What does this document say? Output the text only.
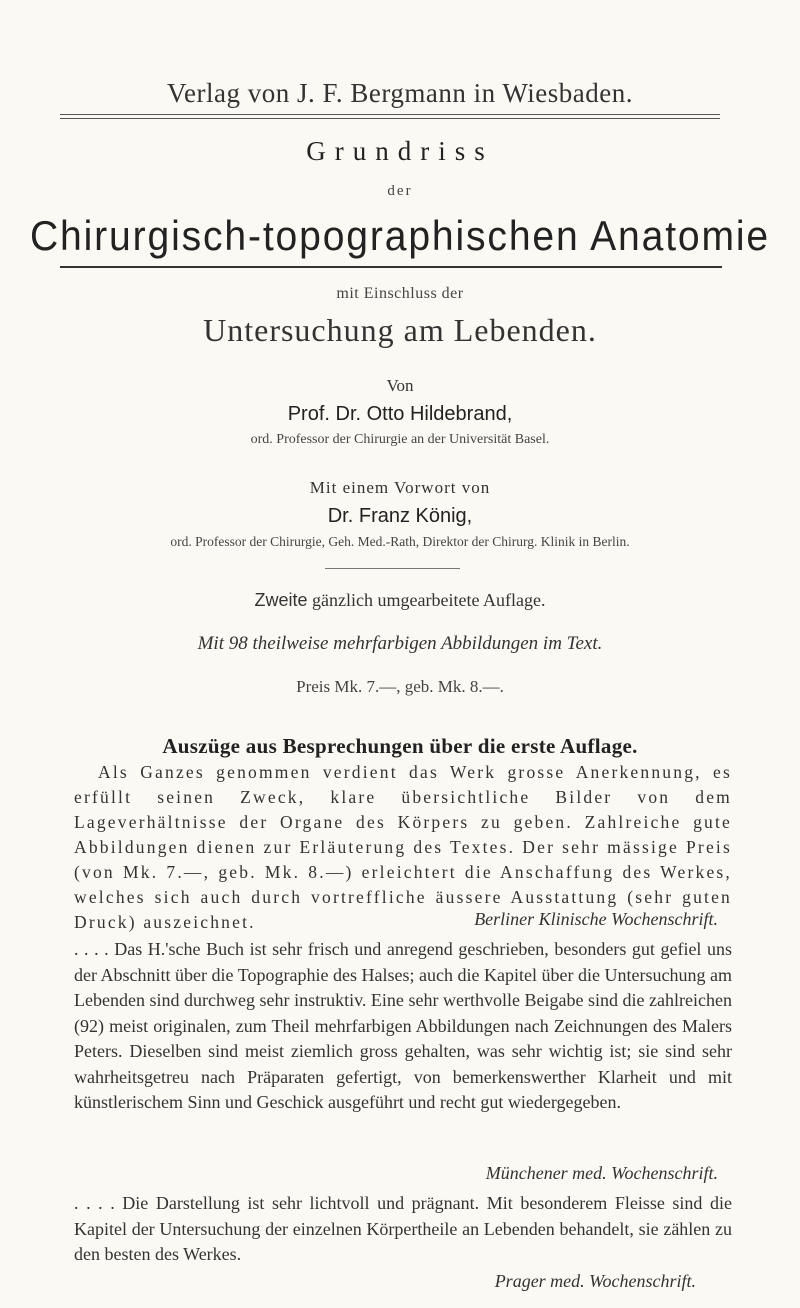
Verlag von J. F. Bergmann in Wiesbaden.
Grundriss
der
Chirurgisch-topographischen Anatomie
mit Einschluss der
Untersuchung am Lebenden.
Von
Prof. Dr. Otto Hildebrand,
ord. Professor der Chirurgie an der Universität Basel.
Mit einem Vorwort von
Dr. Franz König,
ord. Professor der Chirurgie, Geh. Med.-Rath, Direktor der Chirurg. Klinik in Berlin.
Zweite gänzlich umgearbeitete Auflage.
Mit 98 theilweise mehrfarbigen Abbildungen im Text.
Preis Mk. 7.—, geb. Mk. 8.—.
Auszüge aus Besprechungen über die erste Auflage.
Als Ganzes genommen verdient das Werk grosse Anerkennung, es erfüllt seinen Zweck, klare übersichtliche Bilder von dem Lageverhältnisse der Organe des Körpers zu geben. Zahlreiche gute Abbildungen dienen zur Erläuterung des Textes. Der sehr mässige Preis (von Mk. 7.—, geb. Mk. 8.—) erleichtert die Anschaffung des Werkes, welches sich auch durch vortreffliche äussere Ausstattung (sehr guten Druck) auszeichnet.	Berliner Klinische Wochenschrift.
. . . . Das H.'sche Buch ist sehr frisch und anregend geschrieben, besonders gut gefiel uns der Abschnitt über die Topographie des Halses; auch die Kapitel über die Untersuchung am Lebenden sind durchweg sehr instruktiv. Eine sehr werthvolle Beigabe sind die zahlreichen (92) meist originalen, zum Theil mehrfarbigen Abbildungen nach Zeichnungen des Malers Peters. Dieselben sind meist ziemlich gross gehalten, was sehr wichtig ist; sie sind sehr wahrheitsgetreu nach Präparaten gefertigt, von bemerkenswerther Klarheit und mit künstlerischem Sinn und Geschick ausgeführt und recht gut wiedergegeben.
Münchener med. Wochenschrift.
. . . . Die Darstellung ist sehr lichtvoll und prägnant. Mit besonderem Fleisse sind die Kapitel der Untersuchung der einzelnen Körpertheile an Lebenden behandelt, sie zählen zu den besten des Werkes.
Prager med. Wochenschrift.
